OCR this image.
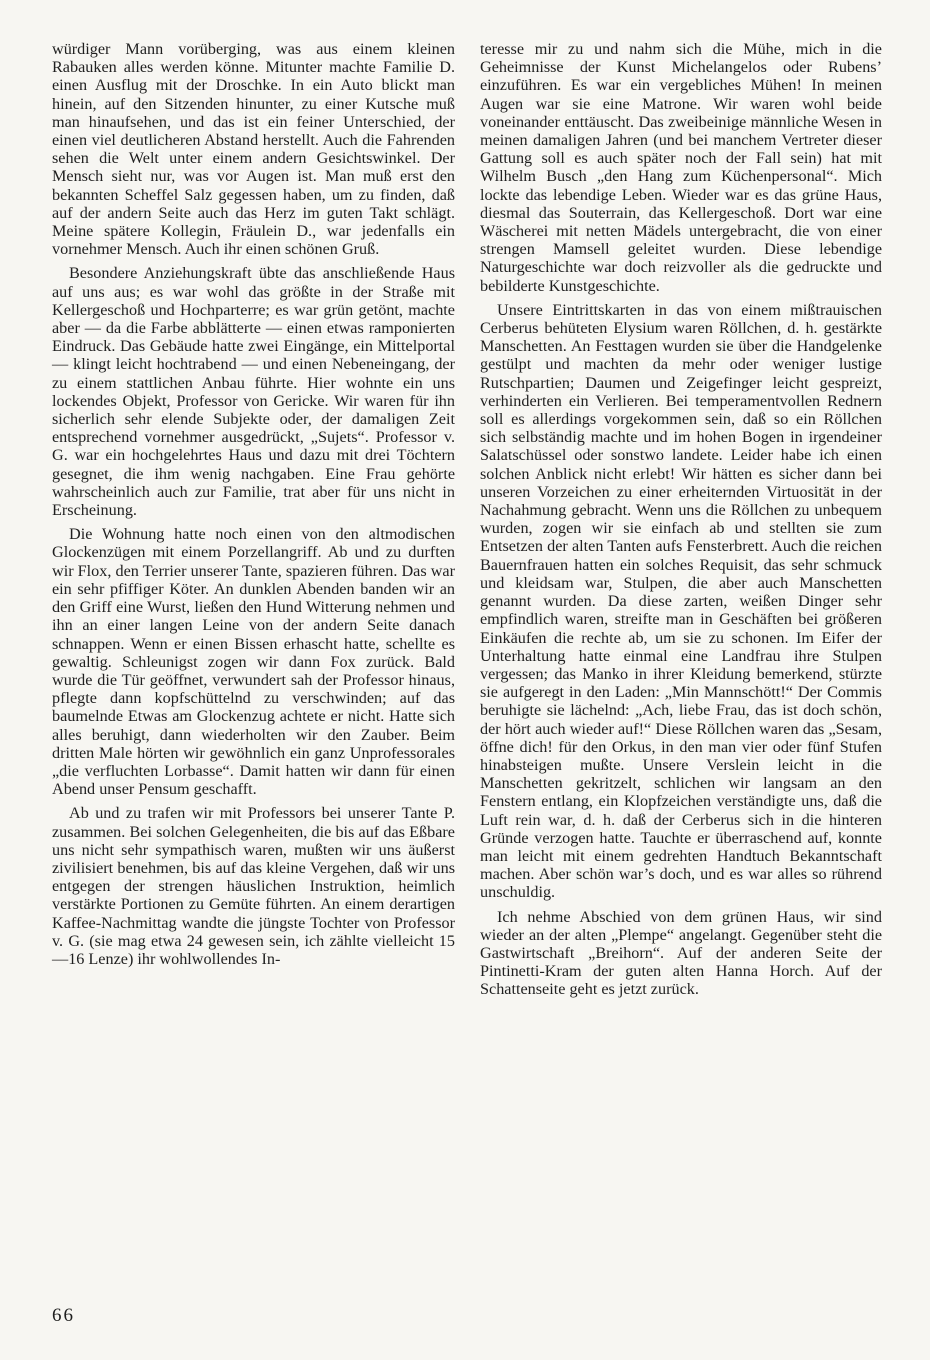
würdiger Mann vorüberging, was aus einem kleinen Rabauken alles werden könne. Mitunter machte Familie D. einen Ausflug mit der Droschke. In ein Auto blickt man hinein, auf den Sitzenden hinunter, zu einer Kutsche muß man hinaufsehen, und das ist ein feiner Unterschied, der einen viel deutlicheren Abstand herstellt. Auch die Fahrenden sehen die Welt unter einem andern Gesichtswinkel. Der Mensch sieht nur, was vor Augen ist. Man muß erst den bekannten Scheffel Salz gegessen haben, um zu finden, daß auf der andern Seite auch das Herz im guten Takt schlägt. Meine spätere Kollegin, Fräulein D., war jedenfalls ein vornehmer Mensch. Auch ihr einen schönen Gruß.

Besondere Anziehungskraft übte das anschließende Haus auf uns aus; es war wohl das größte in der Straße mit Kellergeschoß und Hochparterre; es war grün getönt, machte aber — da die Farbe abblätterte — einen etwas ramponierten Eindruck. Das Gebäude hatte zwei Eingänge, ein Mittelportal — klingt leicht hochtrabend — und einen Nebeneingang, der zu einem stattlichen Anbau führte. Hier wohnte ein uns lockendes Objekt, Professor von Gericke. Wir waren für ihn sicherlich sehr elende Subjekte oder, der damaligen Zeit entsprechend vornehmer ausgedrückt, „Sujets“. Professor v. G. war ein hochgelehrtes Haus und dazu mit drei Töchtern gesegnet, die ihm wenig nachgaben. Eine Frau gehörte wahrscheinlich auch zur Familie, trat aber für uns nicht in Erscheinung.

Die Wohnung hatte noch einen von den altmodischen Glockenzügen mit einem Porzellangriff. Ab und zu durften wir Flox, den Terrier unserer Tante, spazieren führen. Das war ein sehr pfiffiger Köter. An dunklen Abenden banden wir an den Griff eine Wurst, ließen den Hund Witterung nehmen und ihn an einer langen Leine von der andern Seite danach schnappen. Wenn er einen Bissen erhascht hatte, schellte es gewaltig. Schleunigst zogen wir dann Fox zurück. Bald wurde die Tür geöffnet, verwundert sah der Professor hinaus, pflegte dann kopfschüttelnd zu verschwinden; auf das baumelnde Etwas am Glockenzug achtete er nicht. Hatte sich alles beruhigt, dann wiederholten wir den Zauber. Beim dritten Male hörten wir gewöhnlich ein ganz Unprofessorales „die verfluchten Lorbasse“. Damit hatten wir dann für einen Abend unser Pensum geschafft.

Ab und zu trafen wir mit Professors bei unserer Tante P. zusammen. Bei solchen Gelegenheiten, die bis auf das Eßbare uns nicht sehr sympathisch waren, mußten wir uns äußerst zivilisiert benehmen, bis auf das kleine Vergehen, daß wir uns entgegen der strengen häuslichen Instruktion, heimlich verstärkte Portionen zu Gemüte führten. An einem derartigen Kaffee-Nachmittag wandte die jüngste Tochter von Professor v. G. (sie mag etwa 24 gewesen sein, ich zählte vielleicht 15—16 Lenze) ihr wohlwollendes In-

teresse mir zu und nahm sich die Mühe, mich in die Geheimnisse der Kunst Michelangelos oder Rubens’ einzuführen. Es war ein vergebliches Mühen! In meinen Augen war sie eine Matrone. Wir waren wohl beide voneinander enttäuscht. Das zweibeinige männliche Wesen in meinen damaligen Jahren (und bei manchem Vertreter dieser Gattung soll es auch später noch der Fall sein) hat mit Wilhelm Busch „den Hang zum Küchenpersonal“. Mich lockte das lebendige Leben. Wieder war es das grüne Haus, diesmal das Souterrain, das Kellergeschoß. Dort war eine Wäscherei mit netten Mädels untergebracht, die von einer strengen Mamsell geleitet wurden. Diese lebendige Naturgeschichte war doch reizvoller als die gedruckte und bebilderte Kunstgeschichte.

Unsere Eintrittskarten in das von einem mißtrauischen Cerberus behüteten Elysium waren Röllchen, d. h. gestärkte Manschetten. An Festtagen wurden sie über die Handgelenke gestülpt und machten da mehr oder weniger lustige Rutschpartien; Daumen und Zeigefinger leicht gespreizt, verhinderten ein Verlieren. Bei temperamentvollen Rednern soll es allerdings vorgekommen sein, daß so ein Röllchen sich selbständig machte und im hohen Bogen in irgendeiner Salatschüssel oder sonstwo landete. Leider habe ich einen solchen Anblick nicht erlebt! Wir hätten es sicher dann bei unseren Vorzeichen zu einer erheiternden Virtuosität in der Nachahmung gebracht. Wenn uns die Röllchen zu unbequem wurden, zogen wir sie einfach ab und stellten sie zum Entsetzen der alten Tanten aufs Fensterbrett. Auch die reichen Bauernfrauen hatten ein solches Requisit, das sehr schmuck und kleidsam war, Stulpen, die aber auch Manschetten genannt wurden. Da diese zarten, weißen Dinger sehr empfindlich waren, streifte man in Geschäften bei größeren Einkäufen die rechte ab, um sie zu schonen. Im Eifer der Unterhaltung hatte einmal eine Landfrau ihre Stulpen vergessen; das Manko in ihrer Kleidung bemerkend, stürzte sie aufgeregt in den Laden: „Min Mannschött!“ Der Commis beruhigte sie lächelnd: „Ach, liebe Frau, das ist doch schön, der hört auch wieder auf!“ Diese Röllchen waren das „Sesam, öffne dich! für den Orkus, in den man vier oder fünf Stufen hinabsteigen mußte. Unsere Verslein leicht in die Manschetten gekritzelt, schlichen wir langsam an den Fenstern entlang, ein Klopfzeichen verständigte uns, daß die Luft rein war, d. h. daß der Cerberus sich in die hinteren Gründe verzogen hatte. Tauchte er überraschend auf, konnte man leicht mit einem gedrehten Handtuch Bekanntschaft machen. Aber schön war’s doch, und es war alles so rührend unschuldig.

Ich nehme Abschied von dem grünen Haus, wir sind wieder an der alten „Plempe“ angelangt. Gegenüber steht die Gastwirtschaft „Breihorn“. Auf der anderen Seite der Pintinetti-Kram der guten alten Hanna Horch. Auf der Schattenseite geht es jetzt zurück.

66
